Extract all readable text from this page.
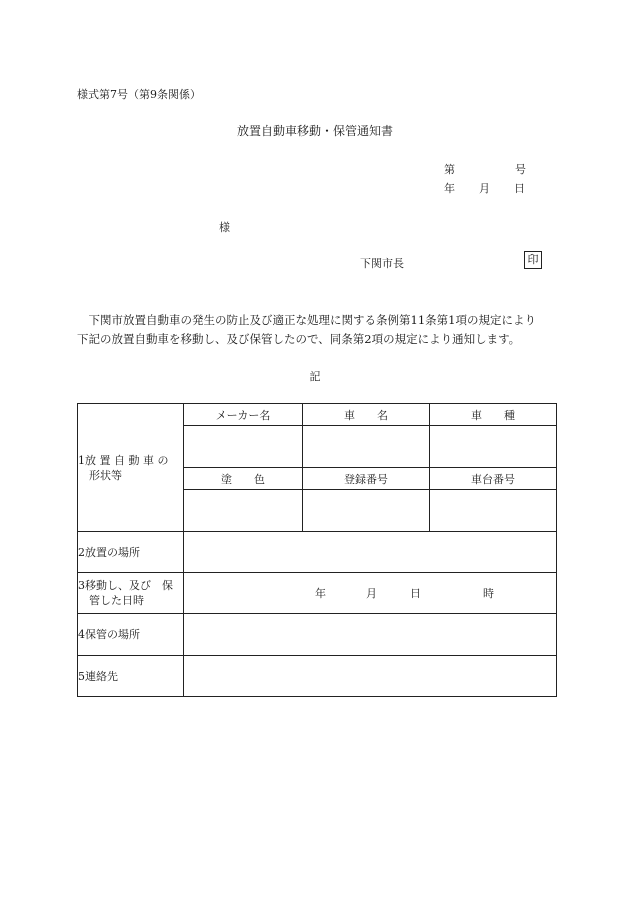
様式第7号（第9条関係）
放置自動車移動・保管通知書
第	号
年 月 日
様
下関市長	印

　下関市放置自動車の発生の防止及び適正な処理に関する条例第11条第1項の規定により

下記の放置自動車を移動し、及び保管したので、同条第2項の規定により通知します。

記
1放 置 自 動 車 の
　形状等	メーカー名	車　　名	車　　種

	塗　　色	登録番号	車台番号

2放置の場所			

3移動し、及び　保
　管した日時	年 月 日 時		

4保管の場所			
5連絡先			
